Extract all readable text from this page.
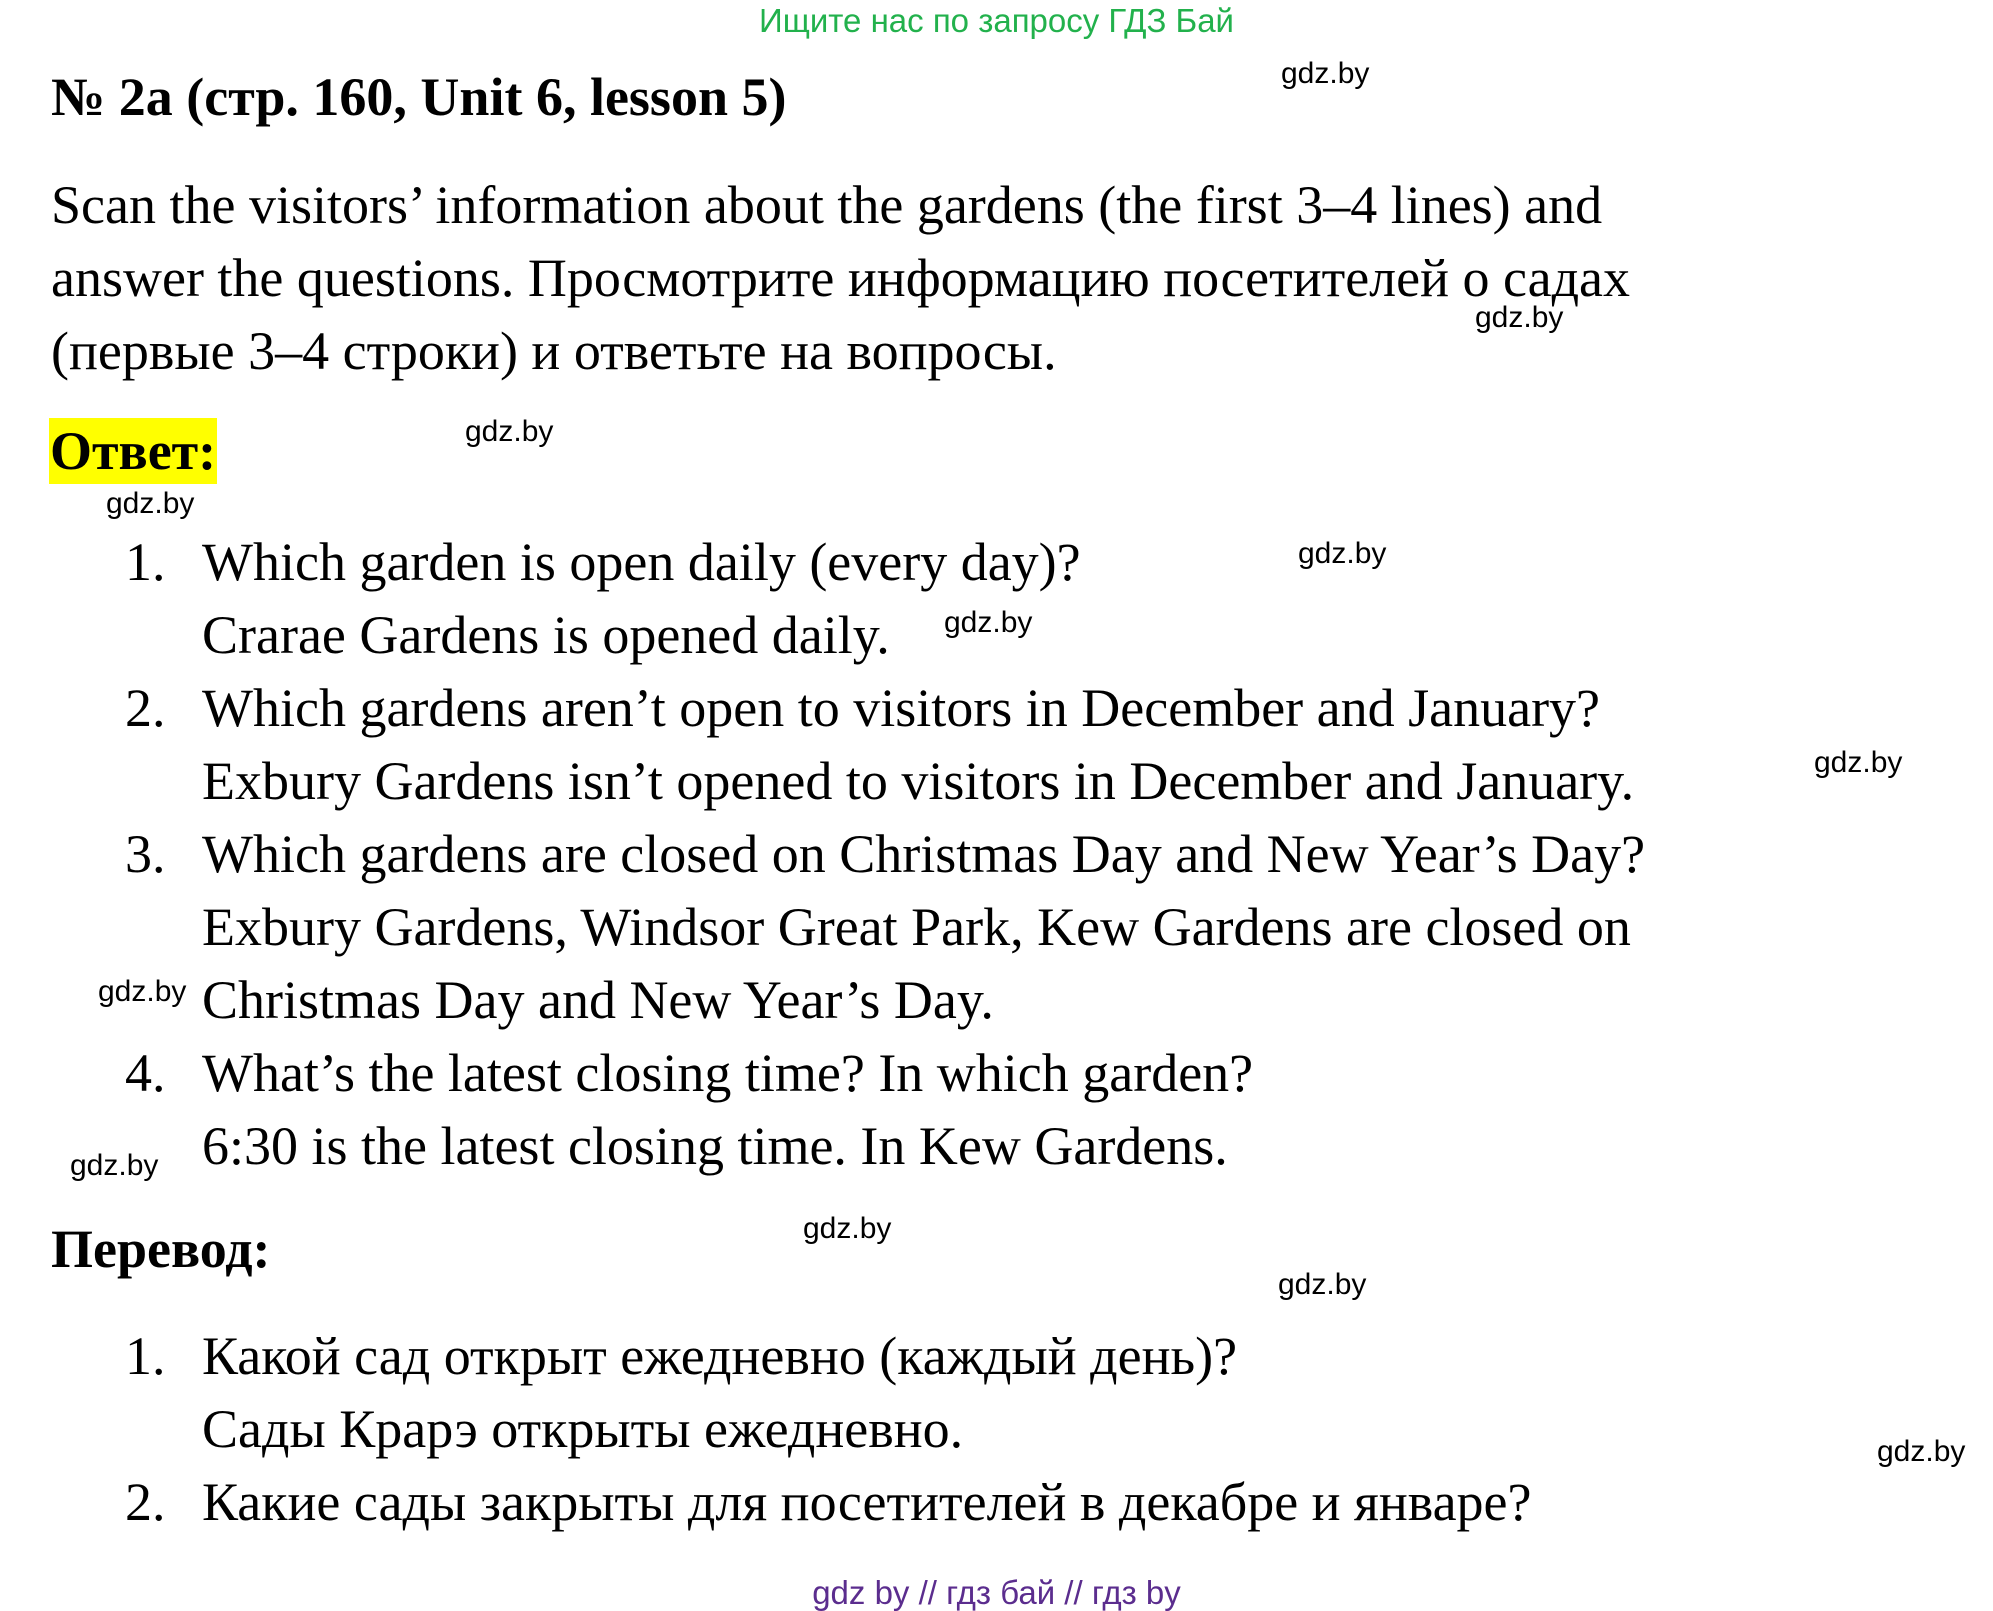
Ищите нас по запросу ГДЗ Бай
№ 2a (стр. 160, Unit 6, lesson 5)
Scan the visitors’ information about the gardens (the first 3–4 lines) and
answer the questions. Просмотрите информацию посетителей о садах
(первые 3–4 строки) и ответьте на вопросы.
Ответ:
1. Which garden is open daily (every day)?
Crarae Gardens is opened daily.
2. Which gardens aren’t open to visitors in December and January?
Exbury Gardens isn’t opened to visitors in December and January.
3. Which gardens are closed on Christmas Day and New Year’s Day?
Exbury Gardens, Windsor Great Park, Kew Gardens are closed on
Christmas Day and New Year’s Day.
4. What’s the latest closing time? In which garden?
6:30 is the latest closing time. In Kew Gardens.
Перевод:
1. Какой сад открыт ежедневно (каждый день)?
Сады Крарэ открыты ежедневно.
2. Какие сады закрыты для посетителей в декабре и январе?
gdz.by
gdz.by
gdz.by
gdz.by
gdz.by
gdz.by
gdz.by
gdz.by
gdz.by
gdz.by
gdz.by
gdz.by
gdz by // гдз бай // гдз by
